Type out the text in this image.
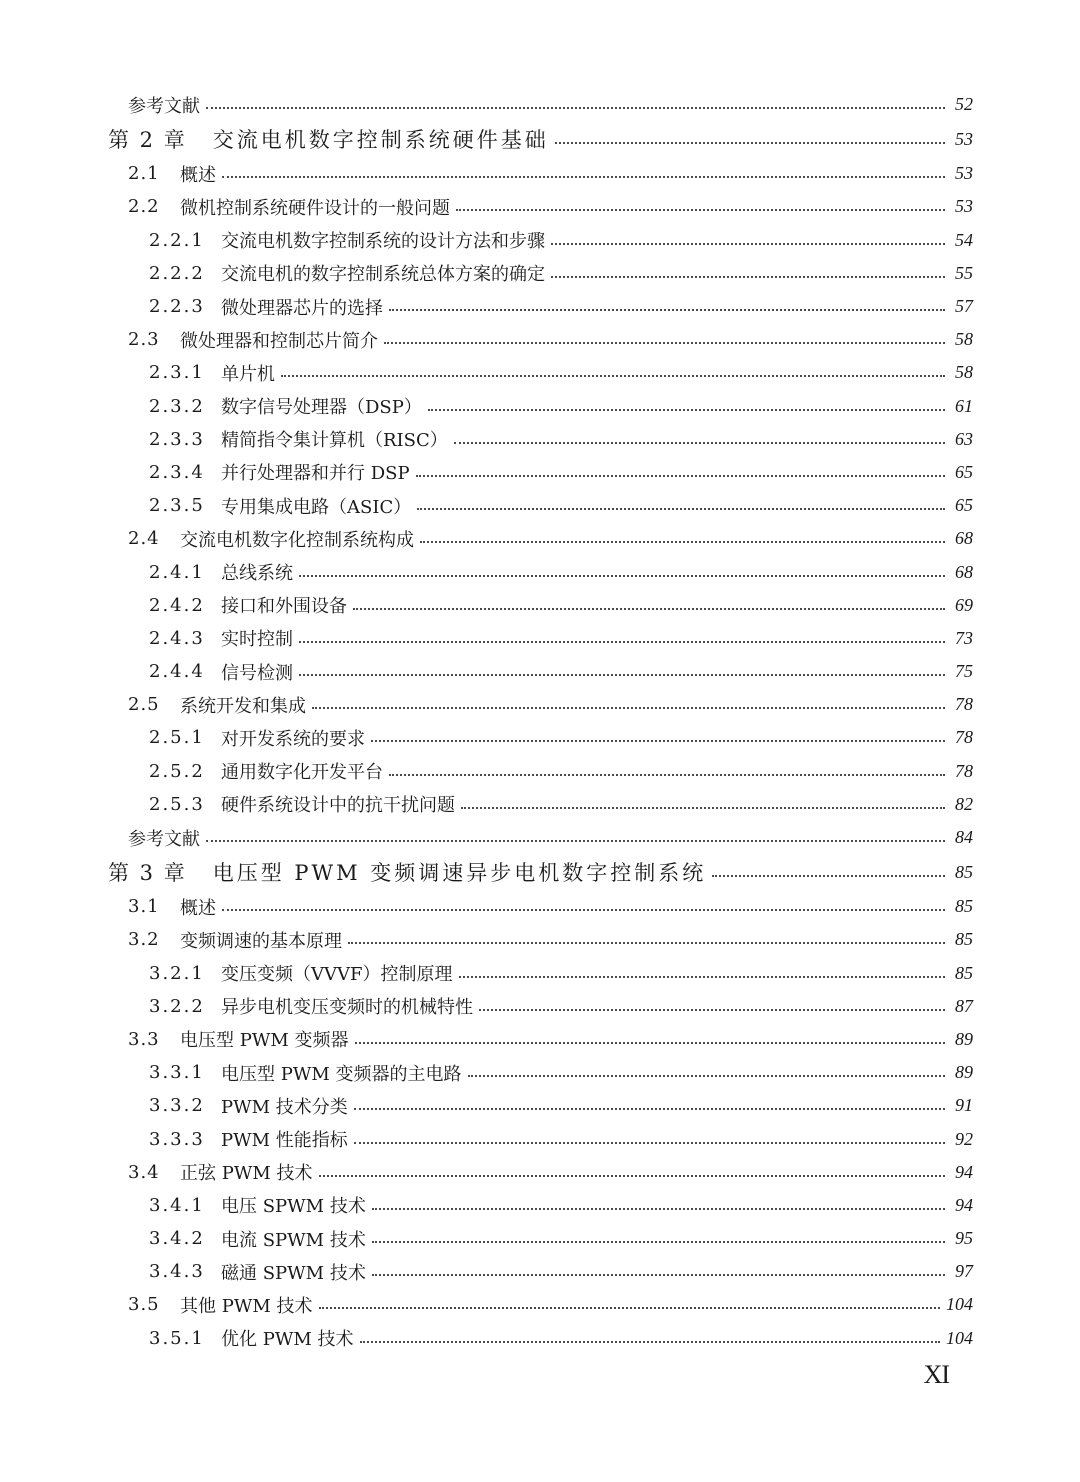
参考文献	52
第 2 章 交流电机数字控制系统硬件基础	53
2.1	概述	53
2.2	微机控制系统硬件设计的一般问题	53
2.2.1 交流电机数字控制系统的设计方法和步骤	54
2.2.2 交流电机的数字控制系统总体方案的确定	55
2.2.3 微处理器芯片的选择	57
2.3	微处理器和控制芯片简介	58
2.3.1 单片机	58
2.3.2 数字信号处理器（DSP）	61
2.3.3 精简指令集计算机（RISC）	63
2.3.4 并行处理器和并行 DSP	65
2.3.5 专用集成电路（ASIC）	65
2.4	交流电机数字化控制系统构成	68
2.4.1 总线系统	68
2.4.2 接口和外围设备	69
2.4.3 实时控制	73
2.4.4 信号检测	75
2.5	系统开发和集成	78
2.5.1 对开发系统的要求	78
2.5.2 通用数字化开发平台	78
2.5.3 硬件系统设计中的抗干扰问题	82
参考文献	84
第 3 章 电压型 PWM 变频调速异步电机数字控制系统	85
3.1	概述	85
3.2	变频调速的基本原理	85
3.2.1 变压变频（VVVF）控制原理	85
3.2.2 异步电机变压变频时的机械特性	87
3.3	电压型 PWM 变频器	89
3.3.1 电压型 PWM 变频器的主电路	89
3.3.2 PWM 技术分类	91
3.3.3 PWM 性能指标	92
3.4	正弦 PWM 技术	94
3.4.1 电压 SPWM 技术	94
3.4.2 电流 SPWM 技术	95
3.4.3 磁通 SPWM 技术	97
3.5	其他 PWM 技术	104
3.5.1 优化 PWM 技术	104
XI
